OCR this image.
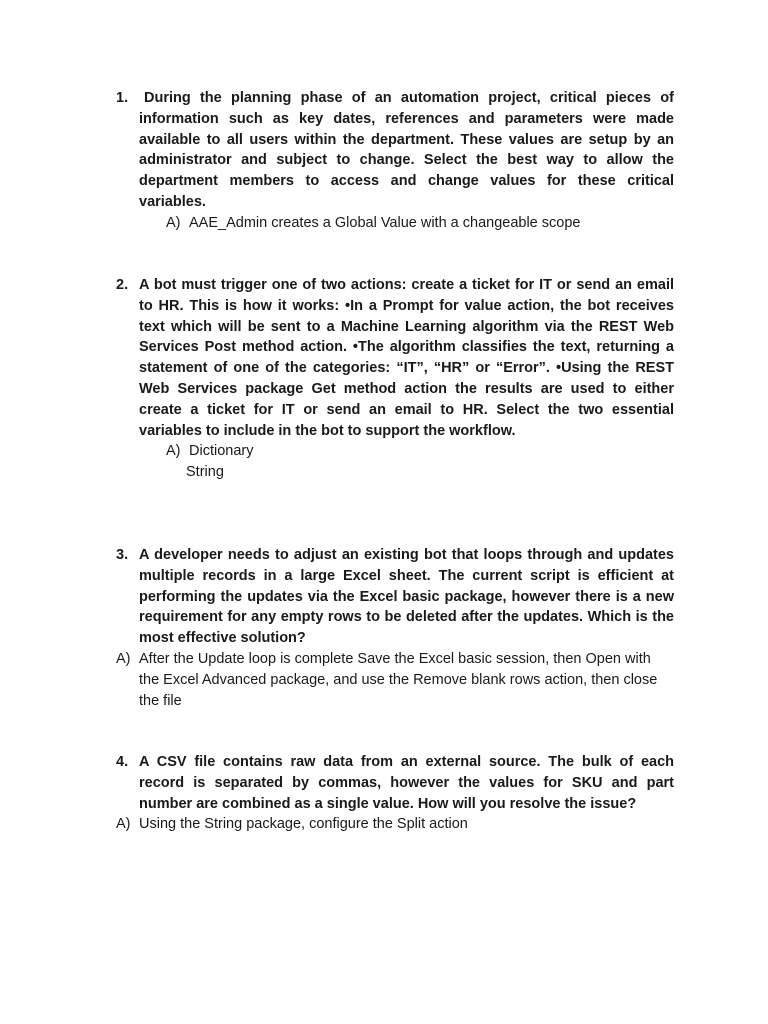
1.	During the planning phase of an automation project, critical pieces of information such as key dates, references and parameters were made available to all users within the department. These values are setup by an administrator and subject to change. Select the best way to allow the department members to access and change values for these critical variables.
A) AAE_Admin creates a Global Value with a changeable scope
2. A bot must trigger one of two actions: create a ticket for IT or send an email to HR. This is how it works: •In a Prompt for value action, the bot receives text which will be sent to a Machine Learning algorithm via the REST Web Services Post method action. •The algorithm classifies the text, returning a statement of one of the categories: “IT”, “HR” or “Error”. •Using the REST Web Services package Get method action the results are used to either create a ticket for IT or send an email to HR. Select the two essential variables to include in the bot to support the workflow.
A) Dictionary
String
3. A developer needs to adjust an existing bot that loops through and updates multiple records in a large Excel sheet. The current script is efficient at performing the updates via the Excel basic package, however there is a new requirement for any empty rows to be deleted after the updates. Which is the most effective solution?
A) After the Update loop is complete Save the Excel basic session, then Open with the Excel Advanced package, and use the Remove blank rows action, then close the file
4. A CSV file contains raw data from an external source. The bulk of each record is separated by commas, however the values for SKU and part number are combined as a single value. How will you resolve the issue?
A) Using the String package, configure the Split action
